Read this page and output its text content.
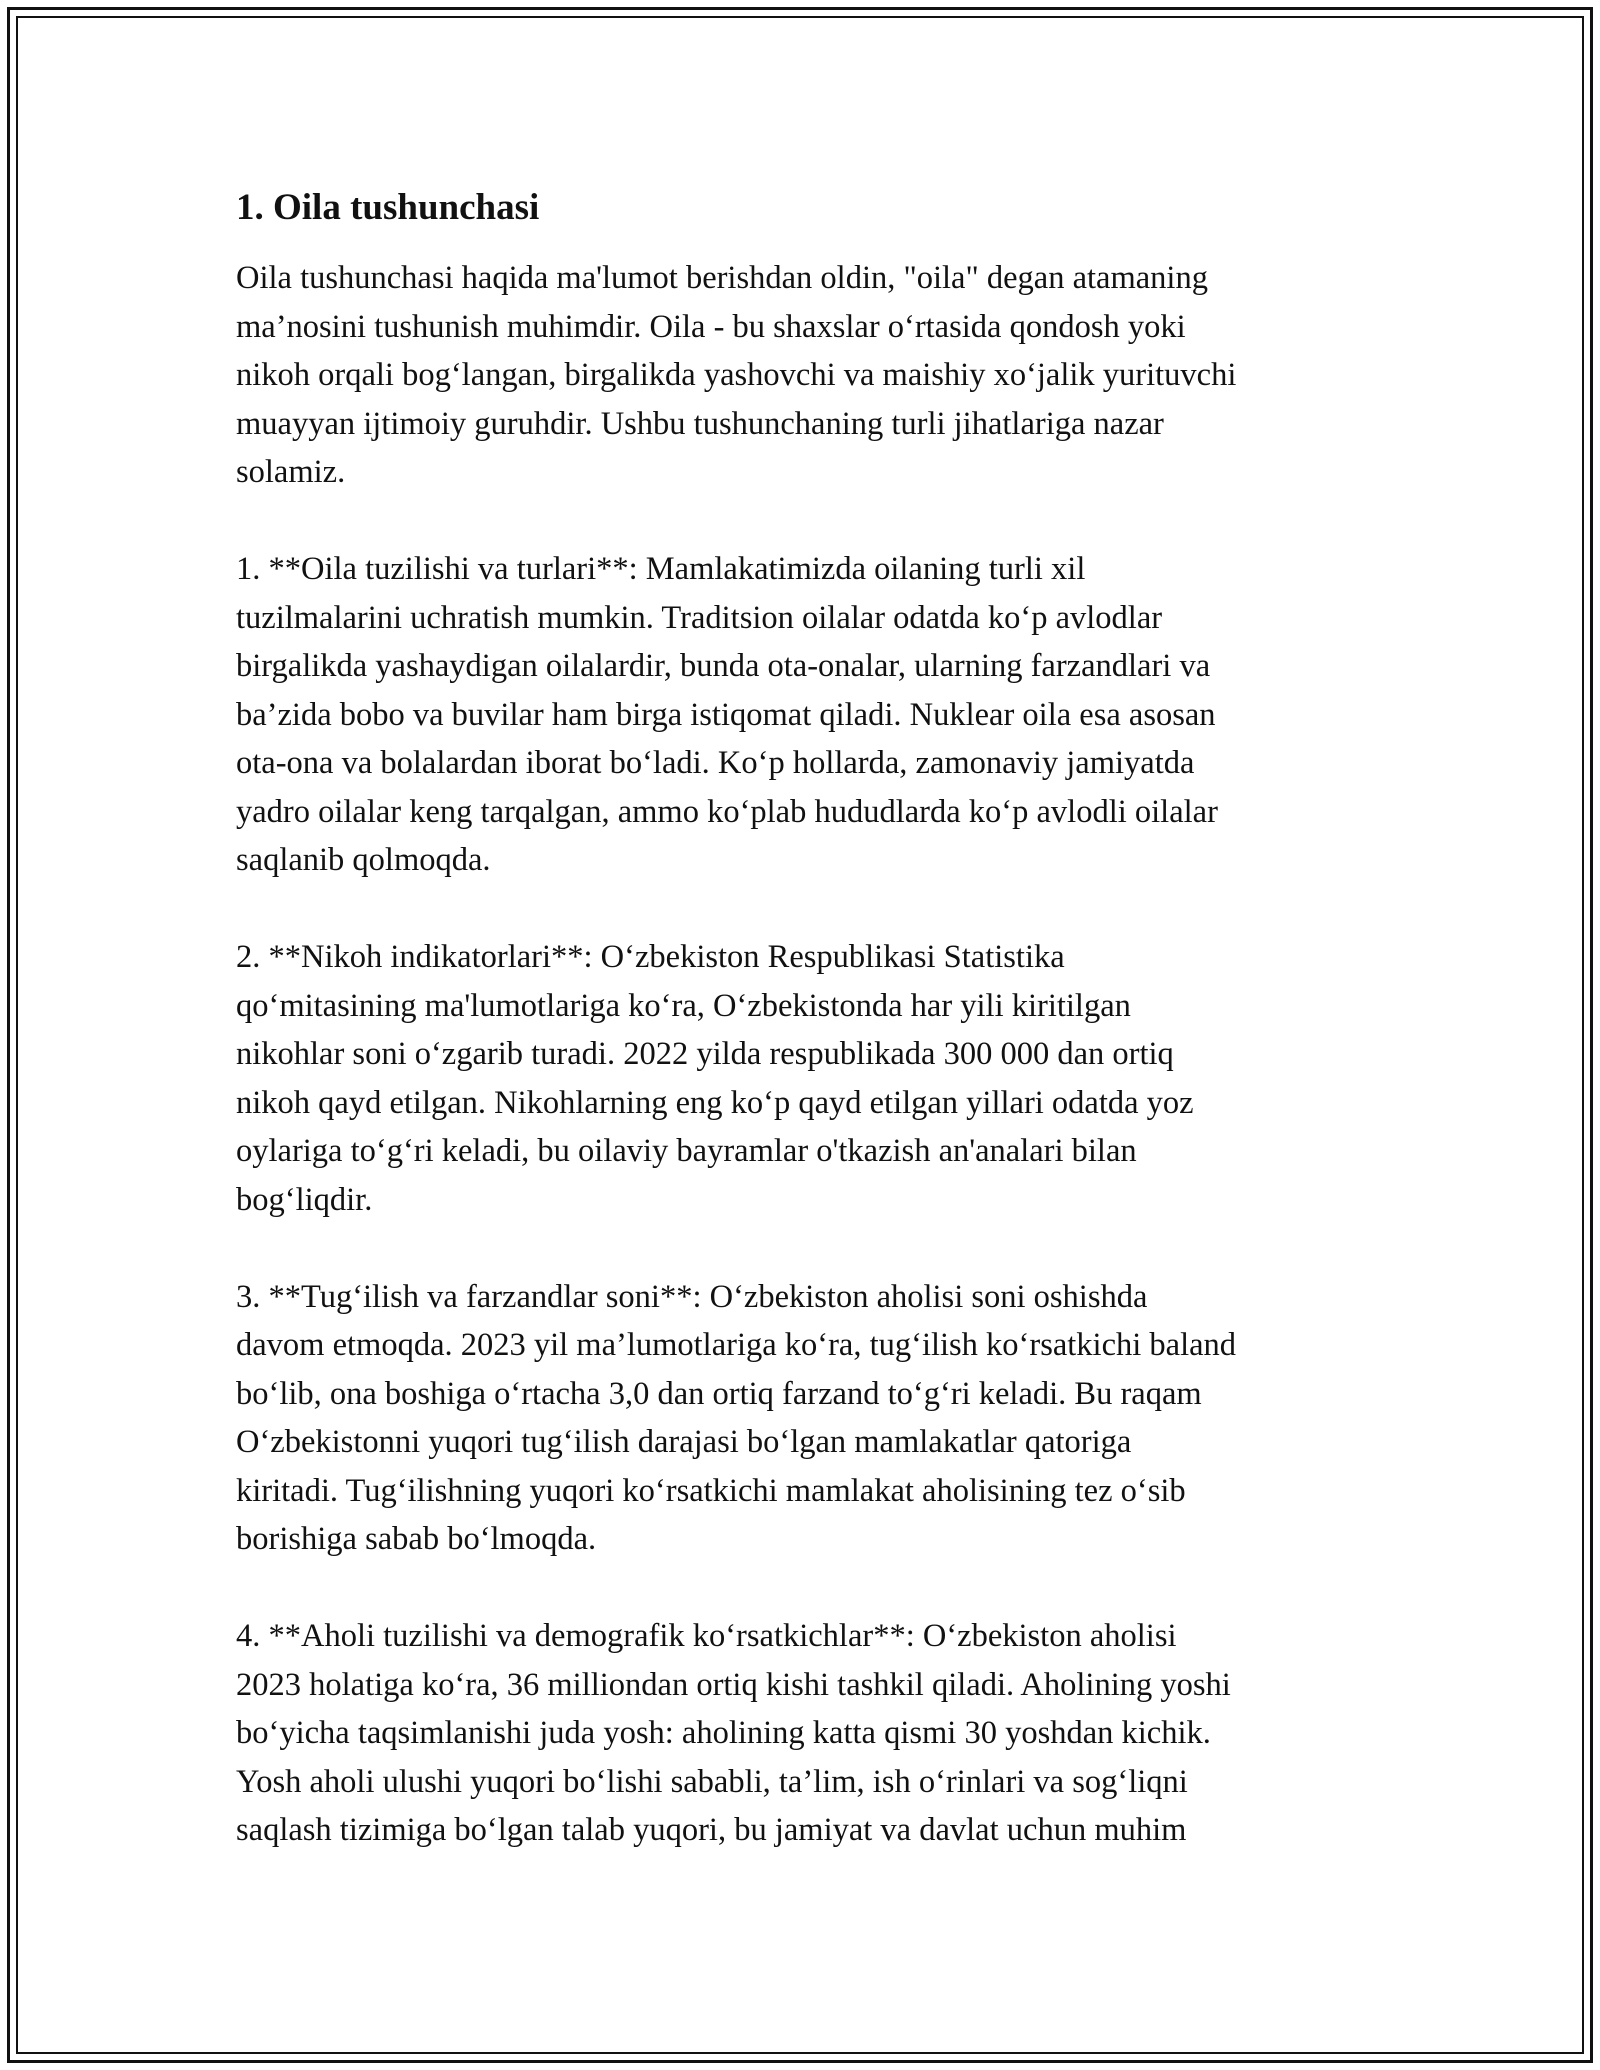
1. Oila tushunchasi
Oila tushunchasi haqida ma'lumot berishdan oldin, "oila" degan atamaning
ma’nosini tushunish muhimdir. Oila - bu shaxslar o‘rtasida qondosh yoki
nikoh orqali bog‘langan, birgalikda yashovchi va maishiy xo‘jalik yurituvchi
muayyan ijtimoiy guruhdir. Ushbu tushunchaning turli jihatlariga nazar
solamiz.
1. **Oila tuzilishi va turlari**: Mamlakatimizda oilaning turli xil
tuzilmalarini uchratish mumkin. Traditsion oilalar odatda ko‘p avlodlar
birgalikda yashaydigan oilalardir, bunda ota-onalar, ularning farzandlari va
ba’zida bobo va buvilar ham birga istiqomat qiladi. Nuklear oila esa asosan
ota-ona va bolalardan iborat bo‘ladi. Ko‘p hollarda, zamonaviy jamiyatda
yadro oilalar keng tarqalgan, ammo ko‘plab hududlarda ko‘p avlodli oilalar
saqlanib qolmoqda.
2. **Nikoh indikatorlari**: O‘zbekiston Respublikasi Statistika
qo‘mitasining ma'lumotlariga ko‘ra, O‘zbekistonda har yili kiritilgan
nikohlar soni o‘zgarib turadi. 2022 yilda respublikada 300 000 dan ortiq
nikoh qayd etilgan. Nikohlarning eng ko‘p qayd etilgan yillari odatda yoz
oylariga to‘g‘ri keladi, bu oilaviy bayramlar o'tkazish an'analari bilan
bog‘liqdir.
3. **Tug‘ilish va farzandlar soni**: O‘zbekiston aholisi soni oshishda
davom etmoqda. 2023 yil ma’lumotlariga ko‘ra, tug‘ilish ko‘rsatkichi baland
bo‘lib, ona boshiga o‘rtacha 3,0 dan ortiq farzand to‘g‘ri keladi. Bu raqam
O‘zbekistonni yuqori tug‘ilish darajasi bo‘lgan mamlakatlar qatoriga
kiritadi. Tug‘ilishning yuqori ko‘rsatkichi mamlakat aholisining tez o‘sib
borishiga sabab bo‘lmoqda.
4. **Aholi tuzilishi va demografik ko‘rsatkichlar**: O‘zbekiston aholisi
2023 holatiga ko‘ra, 36 milliondan ortiq kishi tashkil qiladi. Aholining yoshi
bo‘yicha taqsimlanishi juda yosh: aholining katta qismi 30 yoshdan kichik.
Yosh aholi ulushi yuqori bo‘lishi sababli, ta’lim, ish o‘rinlari va sog‘liqni
saqlash tizimiga bo‘lgan talab yuqori, bu jamiyat va davlat uchun muhim
